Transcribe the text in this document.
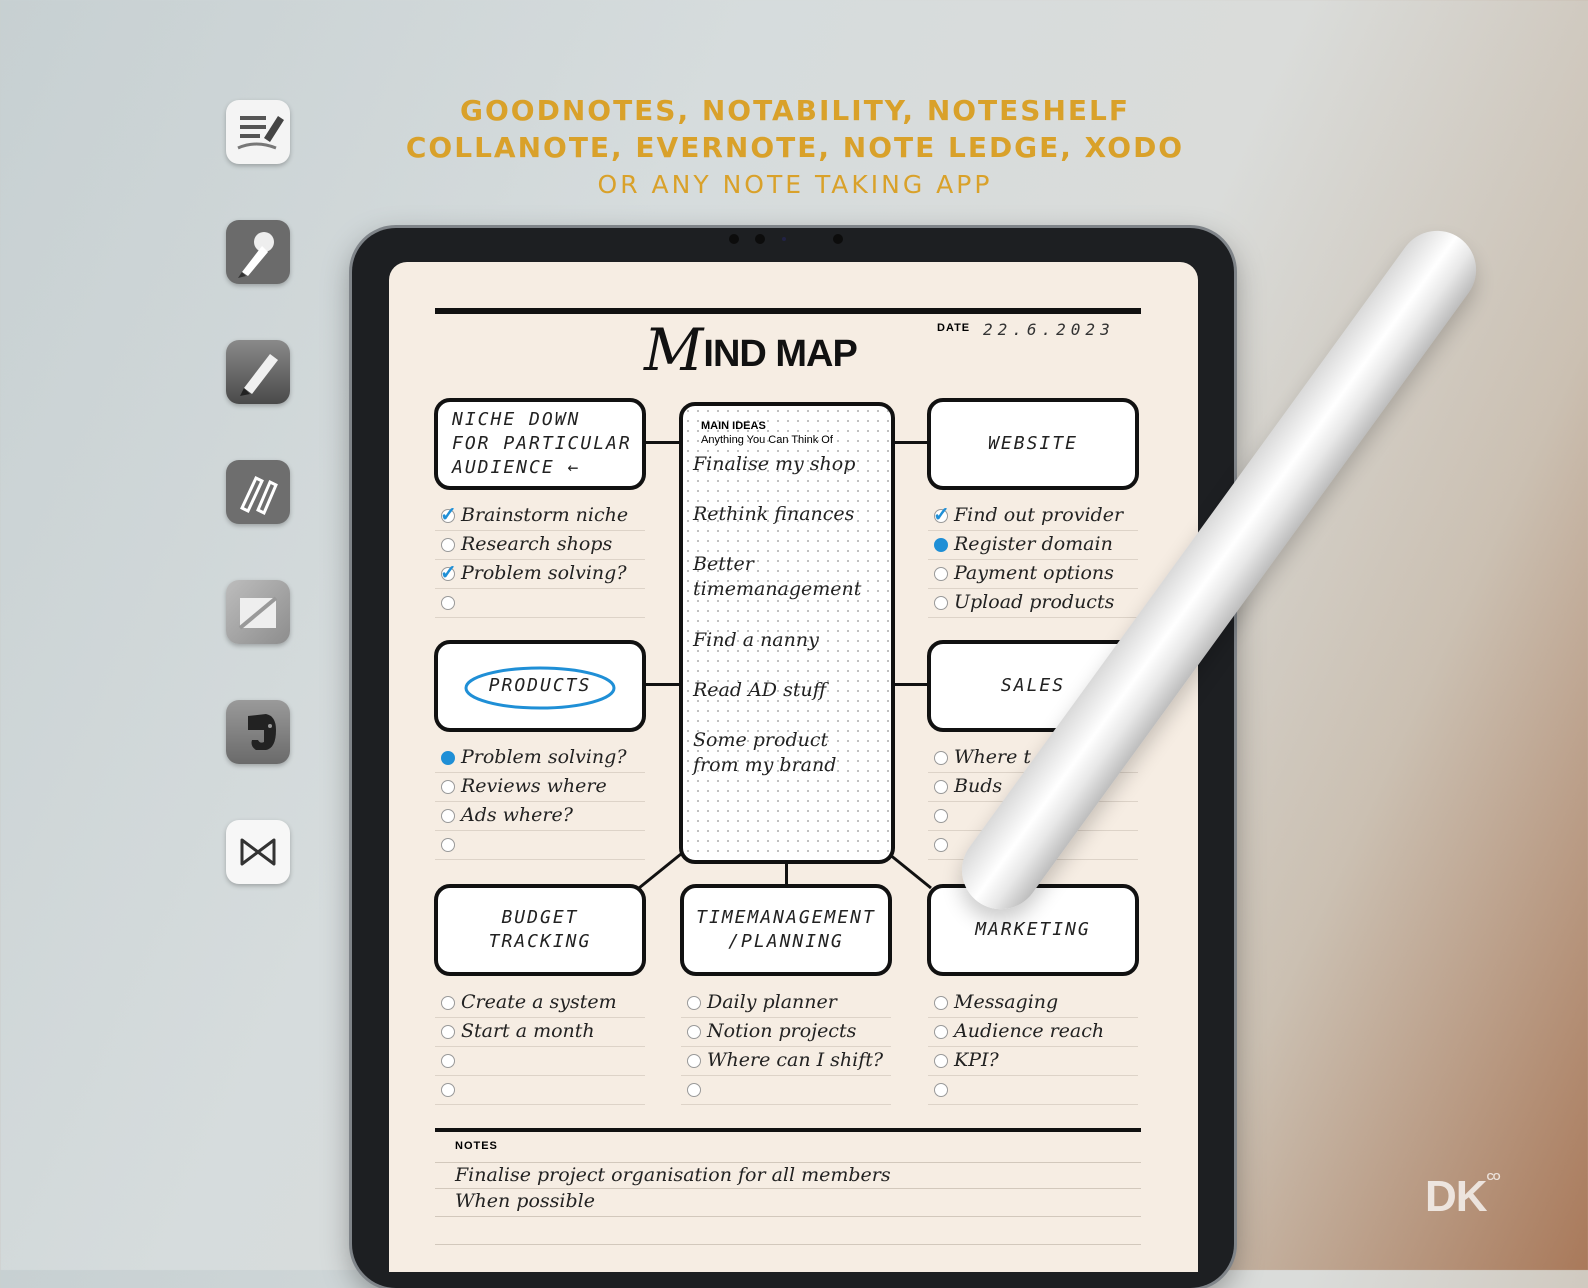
GOODNOTES, NOTABILITY, NOTESHELF
COLLANOTE, EVERNOTE, NOTE LEDGE, XODO
OR ANY NOTE TAKING APP
M IND MAP
DATE 22.6.2023
NICHE DOWN
FOR PARTICULAR
AUDIENCE ←
WEBSITE
PRODUCTS	SALES
BUDGET
TRACKING
TIMEMANAGEMENT
/PLANNING
MARKETING
MAIN IDEAS
Anything You Can Think Of
Finalise my shop
Rethink finances
Better
timemanagement
Find a nanny
Read AD stuff
Some product
from my brand
✓
Brainstorm niche
Research shops
✓
Problem solving?
✓
Find out provider
Register domain
Payment options
Upload products
Problem solving?
Reviews where
Ads where?
Where t
Buds
Create a system
Start a month
Daily planner
Notion projects
Where can I shift?
Messaging
Audience reach
KPI?
NOTES
Finalise project organisation for all members
When possible	$DK^{CO}$
